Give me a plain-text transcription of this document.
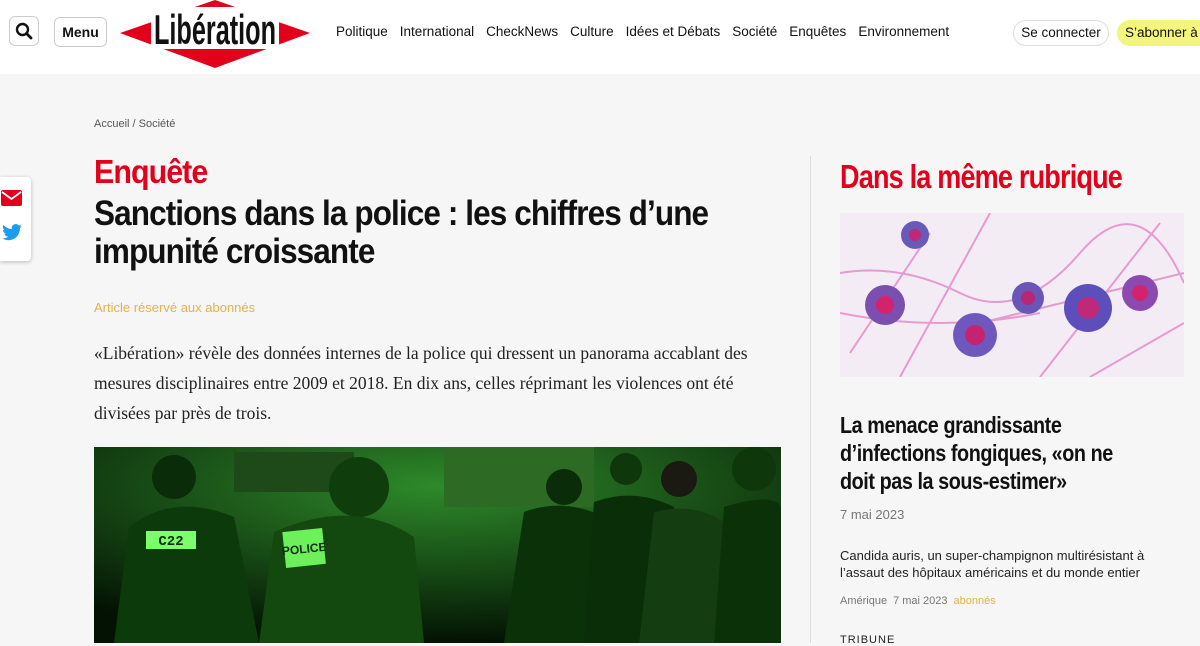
Menu Libération	Politique International CheckNews Culture Idées et Débats Société Enquêtes Environnement	Se connecter	S’abonner à
Accueil / Société
Enquête
Sanctions dans la police : les chiffres d’une impunité croissante
Article réservé aux abonnés
«Libération» révèle des données internes de la police qui dressent un panorama accablant des mesures disciplinaires entre 2009 et 2018. En dix ans, celles réprimant les violences ont été divisées par près de trois.
C22	POLICE
Dans la même rubrique
La menace grandissante d’infections fongiques, «on ne doit pas la sous-estimer»
7 mai 2023
Candida auris, un super-champignon multirésistant à l’assaut des hôpitaux américains et du monde entier
Amérique 7 mai 2023 abonnés
TRIBUNE
